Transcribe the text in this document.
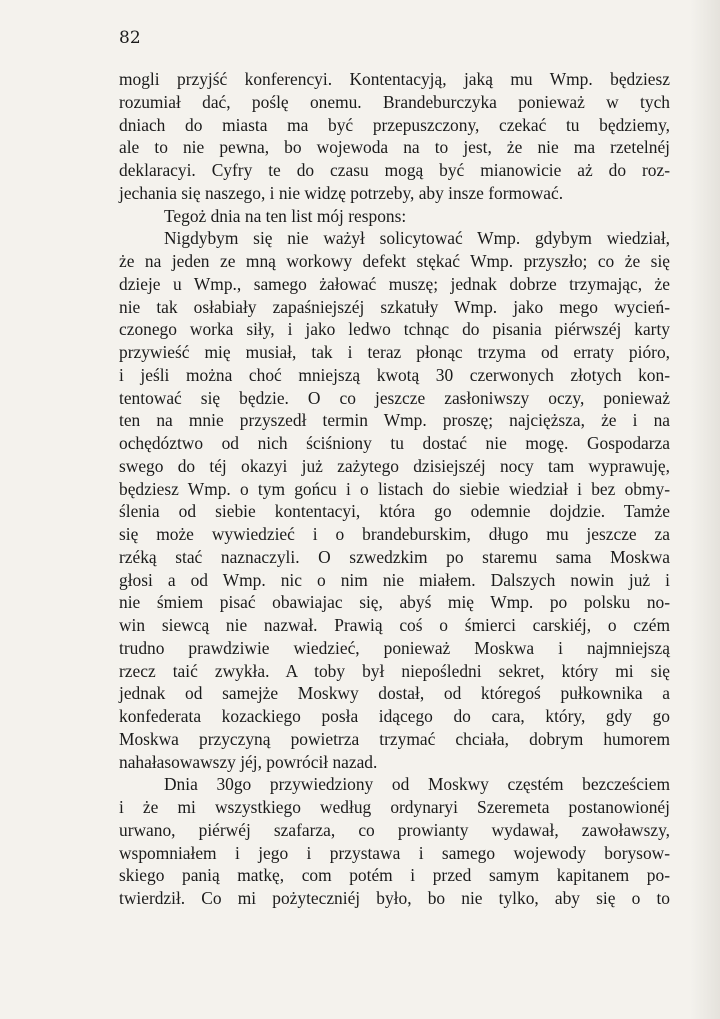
82
mogli przyjść konferencyi. Kontentacyją, jaką mu Wmp. będziesz
rozumiał dać, poślę onemu. Brandeburczyka ponieważ w tych
dniach do miasta ma być przepuszczony, czekać tu będziemy,
ale to nie pewna, bo wojewoda na to jest, że nie ma rzetelnéj
deklaracyi. Cyfry te do czasu mogą być mianowicie aż do roz-
jechania się naszego, i nie widzę potrzeby, aby insze formować.
Tegoż dnia na ten list mój respons:
Nigdybym się nie ważył solicytować Wmp. gdybym wiedział,
że na jeden ze mną workowy defekt stękać Wmp. przyszło; co że się
dzieje u Wmp., samego żałować muszę; jednak dobrze trzymając, że
nie tak osłabiały zapaśniejszéj szkatuły Wmp. jako mego wycień-
czonego worka siły, i jako ledwo tchnąc do pisania piérwszéj karty
przywieść mię musiał, tak i teraz płonąc trzyma od erraty pióro,
i jeśli można choć mniejszą kwotą 30 czerwonych złotych kon-
tentować się będzie. O co jeszcze zasłoniwszy oczy, ponieważ
ten na mnie przyszedł termin Wmp. proszę; najcięższa, że i na
ochędóztwo od nich ściśniony tu dostać nie mogę. Gospodarza
swego do téj okazyi już zażytego dzisiejszéj nocy tam wyprawuję,
będziesz Wmp. o tym gońcu i o listach do siebie wiedział i bez obmy-
ślenia od siebie kontentacyi, która go odemnie dojdzie. Tamże
się może wywiedzieć i o brandeburskim, długo mu jeszcze za
rzéką stać naznaczyli. O szwedzkim po staremu sama Moskwa
głosi a od Wmp. nic o nim nie miałem. Dalszych nowin już i
nie śmiem pisać obawiajac się, abyś mię Wmp. po polsku no-
win siewcą nie nazwał. Prawią coś o śmierci carskiéj, o czém
trudno prawdziwie wiedzieć, ponieważ Moskwa i najmniejszą
rzecz taić zwykła. A toby był niepośledni sekret, który mi się
jednak od samejże Moskwy dostał, od któregoś pułkownika a
konfederata kozackiego posła idącego do cara, który, gdy go
Moskwa przyczyną powietrza trzymać chciała, dobrym humorem
nahałasowawszy jéj, powrócił nazad.
Dnia 30go przywiedziony od Moskwy częstém bezcześciem
i że mi wszystkiego według ordynaryi Szeremeta postanowionéj
urwano, piérwéj szafarza, co prowianty wydawał, zawoławszy,
wspomniałem i jego i przystawa i samego wojewody borysow-
skiego panią matkę, com potém i przed samym kapitanem po-
twierdził. Co mi pożyteczniéj było, bo nie tylko, aby się o to
